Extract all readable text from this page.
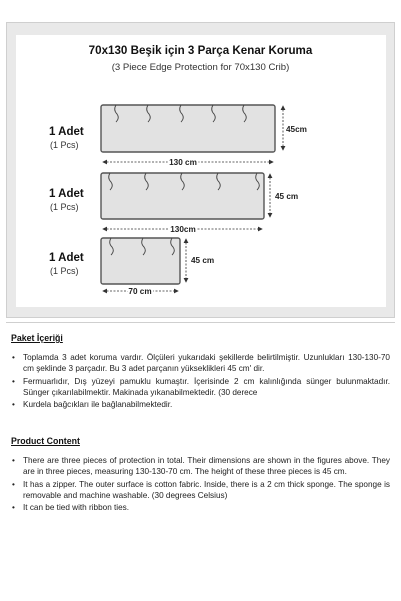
70x130 Beşik için 3 Parça Kenar Koruma
(3 Piece Edge Protection for 70x130 Crib)
1 Adet
(1 Pcs)
1 Adet
(1 Pcs)
1 Adet
(1 Pcs)
130 cm
45cm
130cm
45 cm
70 cm
45 cm
Paket İçeriği
• Toplamda 3 adet koruma vardır. Ölçüleri yukarıdaki şekillerde belirtilmiştir. Uzunlukları 130-130-70 cm şeklinde 3 parçadır. Bu 3 adet parçanın yükseklikleri 45 cm' dir.
• Fermuarlıdır, Dış yüzeyi pamuklu kumaştır. İçerisinde 2 cm kalınlığında sünger bulunmaktadır. Sünger çıkarılabilmektir. Makinada yıkanabilmektedir. (30 derece
• Kurdela bağcıkları ile bağlanabilmektedir.
Product Content
• There are three pieces of protection in total. Their dimensions are shown in the figures above. They are in three pieces, measuring 130-130-70 cm. The height of these three pieces is 45 cm.
• It has a zipper. The outer surface is cotton fabric. Inside, there is a 2 cm thick sponge. The sponge is removable and machine washable. (30 degrees Celsius)
• It can be tied with ribbon ties.
